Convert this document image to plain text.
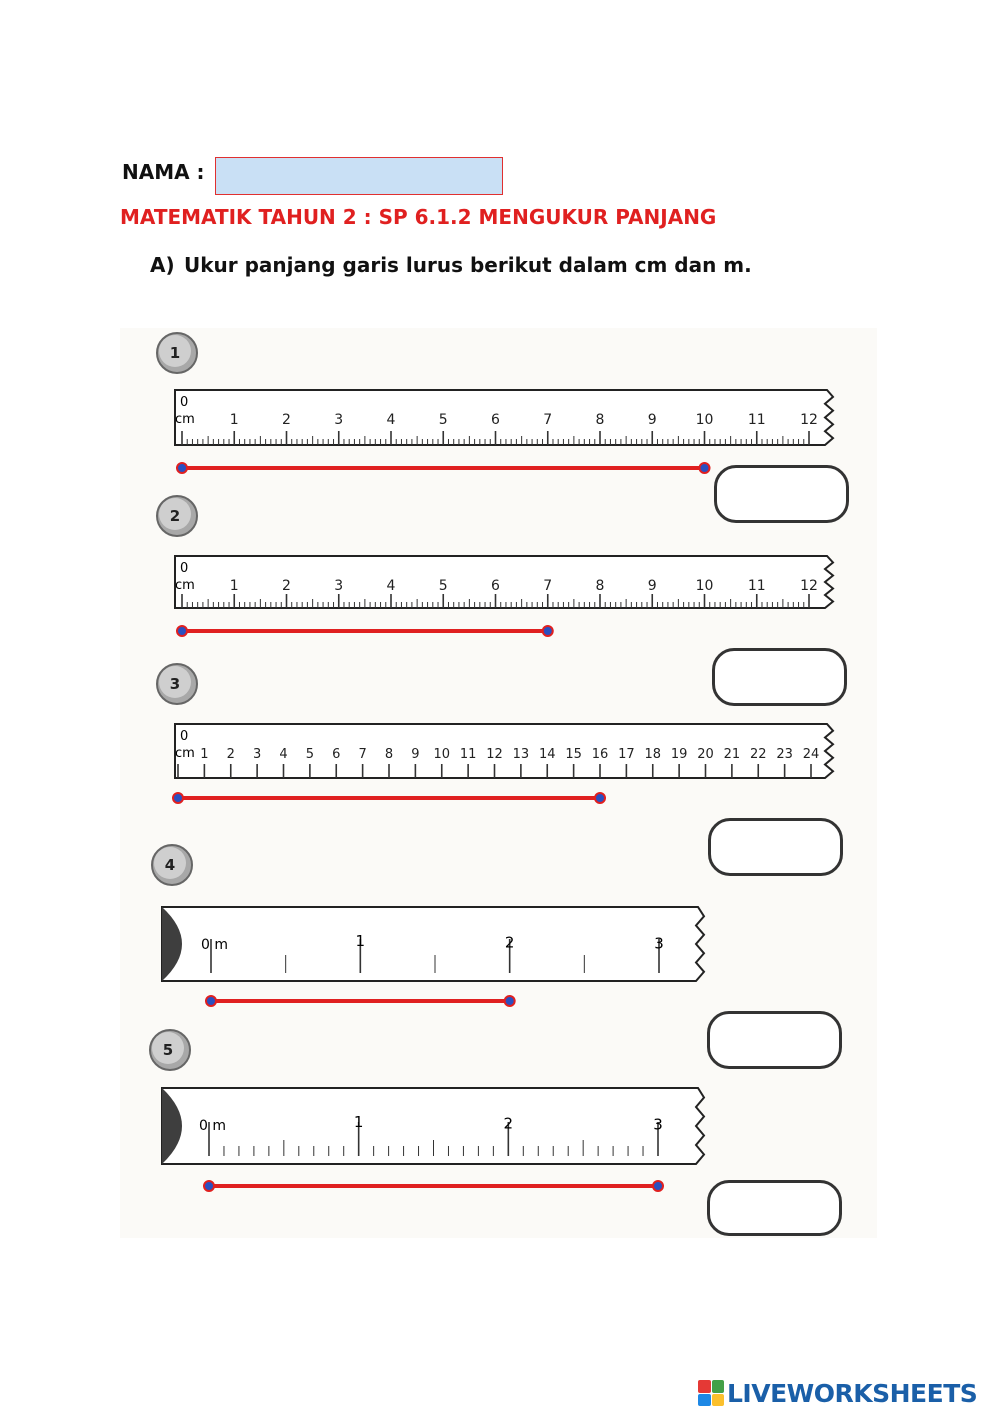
NAMA :
MATEMATIK TAHUN 2 : SP 6.1.2 MENGUKUR PANJANG
A) Ukur panjang garis lurus berikut dalam cm dan m.
1
0
cm 1	2	3	4	5	6	7	8	9	10 11 12
2
0
cm 1	2	3	4	5	6	7	8	9	10 11 12
3
0
cm 1 2 3 4 5 6 7 8 9 10 11 12 13 14 15 16 17 18 19 20 21 22 23 24
4
0 m	1	2	3
5
0 m	1	2	3
LIVEWORKSHEETS
